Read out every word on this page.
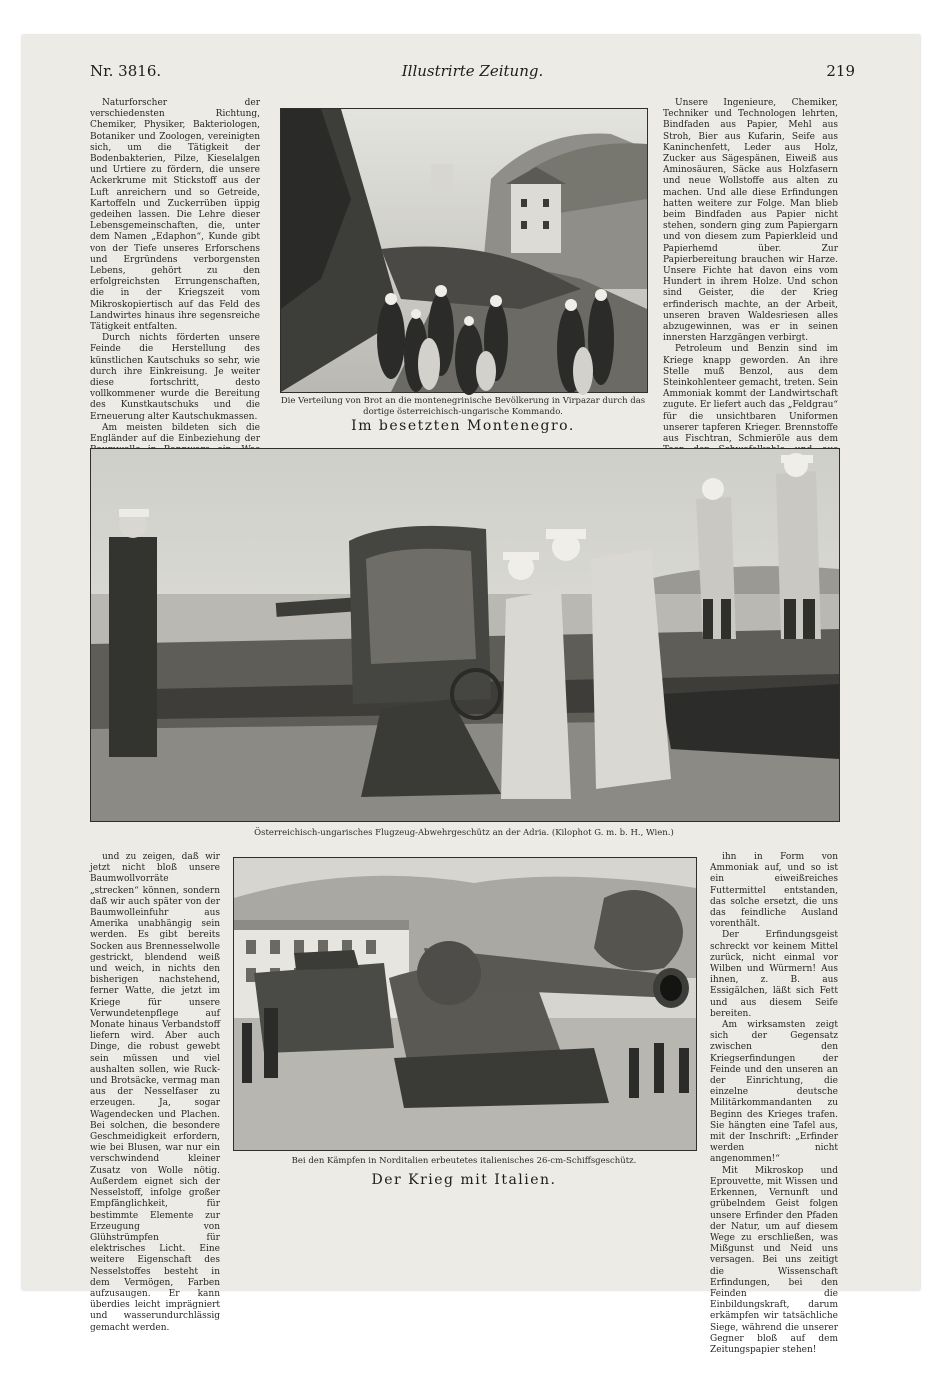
Nr. 3816.	Illustrirte Zeitung.	219

Naturforscher der verschiedensten Richtung, Chemiker, Physiker, Bakteriologen, Botaniker und Zoologen, vereinigten sich, um die Tätigkeit der Bodenbakterien, Pilze, Kieselalgen und Urtiere zu fördern, die unsere Ackerkrume mit Stickstoff aus der Luft anreichern und so Getreide, Kartoffeln und Zuckerrüben üppig gedeihen lassen. Die Lehre dieser Lebensgemeinschaften, die, unter dem Namen „Edaphon“, Kunde gibt von der Tiefe unseres Erforschens und Ergründens verborgensten Lebens, gehört zu den erfolgreichsten Errungenschaften, die in der Kriegszeit vom Mikroskopiertisch auf das Feld des Landwirtes hinaus ihre segensreiche Tätigkeit entfalten.

Durch nichts förderten unsere Feinde die Herstellung des künstlichen Kautschuks so sehr, wie durch ihre Einkreisung. Je weiter diese fortschritt, desto vollkommener wurde die Bereitung des Kunstkautschuks und die Erneuerung alter Kautschukmassen.

Am meisten bildeten sich die Engländer auf die Einbeziehung der

Die Verteilung von Brot an die montenegrinische Bevölkerung in Virpazar durch das dortige österreichisch-ungarische Kommando.
Im besetzten Montenegro.

Unsere Ingenieure, Chemiker, Techniker und Technologen lehrten, Bindfaden aus Papier, Mehl aus Stroh, Bier aus Kufarin, Seife aus Kaninchenfett, Leder aus Holz, Zucker aus Sägespänen, Eiweiß aus Aminosäuren, Säcke aus Holzfasern und neue Wollstoffe aus alten zu machen. Und alle diese Erfindungen hatten weitere zur Folge. Man blieb beim Bindfaden aus Papier nicht stehen, sondern ging zum Papiergarn und von diesem zum Papierkleid und Papierhemd über. Zur Papierbereitung brauchen wir Harze. Unsere Fichte hat davon eins vom Hundert in ihrem Holze. Und schon sind Geister, die der Krieg erfinderisch machte, an der Arbeit, unseren braven Waldesriesen alles abzugewinnen, was er in seinen innersten Harzgängen verbirgt.

Petroleum und Benzin sind im Kriege knapp geworden. An ihre Stelle muß Benzol, aus dem Steinkohlenteer gemacht, treten. Sein Ammoniak kommt der Landwirtschaft zugute. Er liefert auch das „Feldgrau“ für die unsichtbaren Uniformen unserer tapferen Krieger. Brennstoffe aus Fischtran, Schmieröle aus dem

Österreichisch-ungarisches Flugzeug-Abwehrgeschütz an der Adria. (Kilophot G. m. b. H., Wien.)

und zu zeigen, daß wir jetzt nicht bloß unsere Baumwollvorräte „strecken“ können, sondern daß wir auch später von der Baumwolleinfuhr aus Amerika unabhängig sein werden. Es gibt bereits Socken aus Brennesselwolle gestrickt, blendend weiß und weich, in nichts den bisherigen nachstehend, ferner Watte, die jetzt im Kriege für unsere Verwundetenpflege auf Monate hinaus Verbandstoff liefern wird. Aber auch Dinge, die robust gewebt sein müssen und viel aushalten sollen, wie Ruck- und Brotsäcke, vermag man aus der Nesselfaser zu erzeugen. Ja, sogar Wagendecken und Plachen. Bei solchen, die besondere Geschmeidigkeit erfordern, wie bei Blusen, war nur ein verschwindend kleiner Zusatz von Wolle nötig. Außerdem eignet sich der Nesselstoff, infolge großer Empfänglichkeit, für bestimmte Elemente zur Erzeugung von Glühstrümpfen für elektrisches Licht. Eine weitere Eigenschaft des Nesselstoffes besteht in dem Vermögen, Farben aufzusaugen. Er kann überdies leicht imprägniert und wasserundurchlässig gemacht werden.

Bei den Kämpfen in Norditalien erbeutetes italienisches 26-cm-Schiffsgeschütz.
Der Krieg mit Italien.

ihn in Form von Ammoniak auf, und so ist ein eiweißreiches Futtermittel entstanden, das solche ersetzt, die uns das feindliche Ausland vorenthält.

Der Erfindungsgeist schreckt vor keinem Mittel zurück, nicht einmal vor Wilben und Würmern! Aus ihnen, z. B. aus Essigälchen, läßt sich Fett und aus diesem Seife bereiten.

Am wirksamsten zeigt sich der Gegensatz zwischen den Kriegserfindungen der Feinde und den unseren an der Einrichtung, die einzelne deutsche Militärkommandanten zu Beginn des Krieges trafen. Sie hängten eine Tafel aus, mit der Inschrift: „Erfinder werden nicht angenommen!“

Mit Mikroskop und Eprouvette, mit Wissen und Erkennen, Vernunft und grübelndem Geist folgen unsere Erfinder den Pfaden der Natur, um auf diesem Wege zu erschließen, was Mißgunst und Neid uns versagen. Bei uns zeitigt die Wissenschaft Erfindungen, bei den Feinden die Einbildungskraft, darum erkämpfen wir tatsächliche Siege, während die unserer Gegner bloß auf dem Zeitungspapier stehen!
